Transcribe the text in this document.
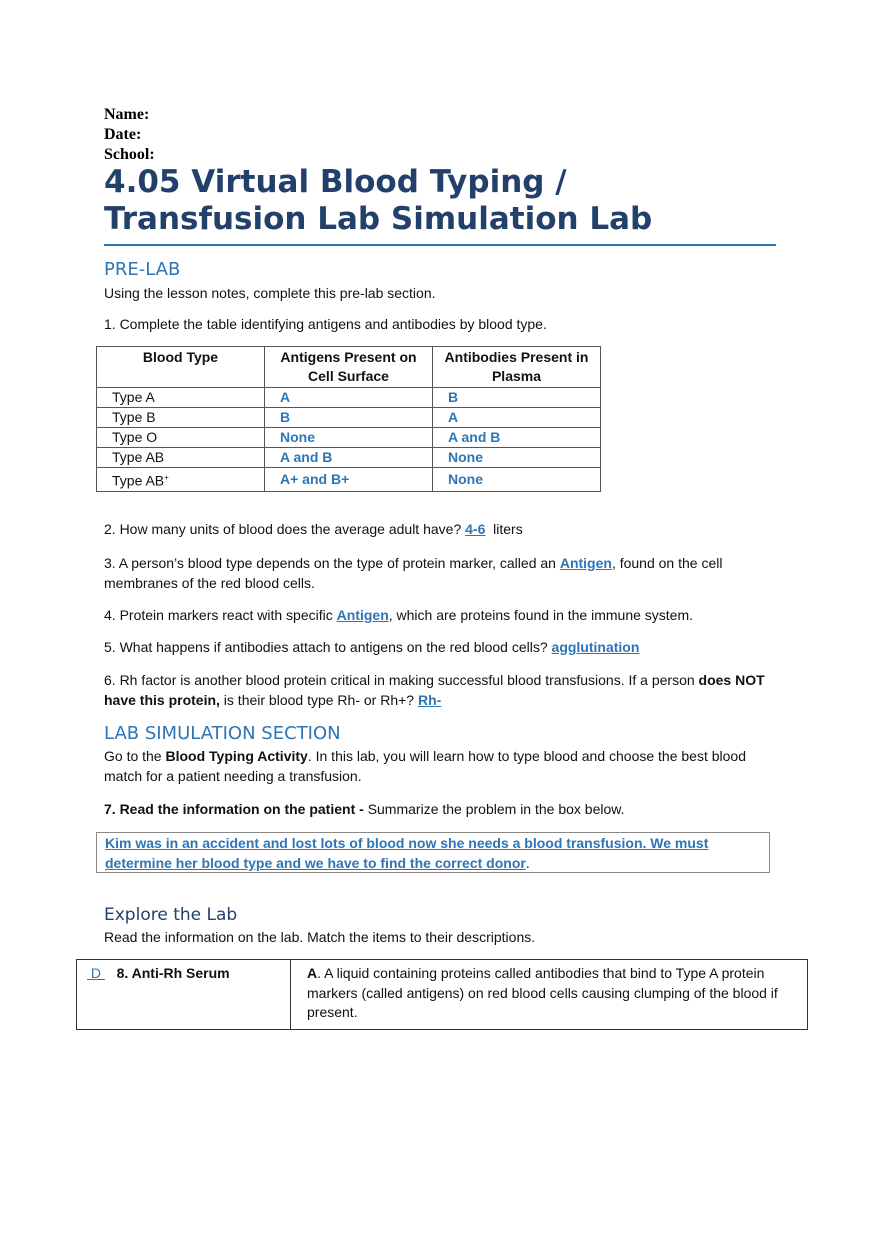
Name:
Date:
School:
4.05 Virtual Blood Typing /
Transfusion Lab Simulation Lab
PRE-LAB

Using the lesson notes, complete this pre-lab section.

1. Complete the table identifying antigens and antibodies by blood type.

Blood Type	Antigens Present on Cell Surface	Antibodies Present in Plasma
Type A	A	B
Type B	B	A
Type O	None	A and B
Type AB	A and B	None
Type AB+	A+ and B+	None

2. How many units of blood does the average adult have? 4-6 liters

3. A person’s blood type depends on the type of protein marker, called an Antigen, found on the cell membranes of the red blood cells.

4. Protein markers react with specific Antigen, which are proteins found in the immune system.

5. What happens if antibodies attach to antigens on the red blood cells? agglutination

6. Rh factor is another blood protein critical in making successful blood transfusions. If a person does NOT have this protein, is their blood type Rh- or Rh+? Rh-

LAB SIMULATION SECTION

Go to the Blood Typing Activity. In this lab, you will learn how to type blood and choose the best blood match for a patient needing a transfusion.

7. Read the information on the patient - Summarize the problem in the box below.

Kim was in an accident and lost lots of blood now she needs a blood transfusion. We must determine her blood type and we have to find the correct donor.
Explore the Lab

Read the information on the lab. Match the items to their descriptions.

D 8. Anti-Rh Serum	A. A liquid containing proteins called antibodies that bind to Type A protein markers (called antigens) on red blood cells causing clumping of the blood if present.
